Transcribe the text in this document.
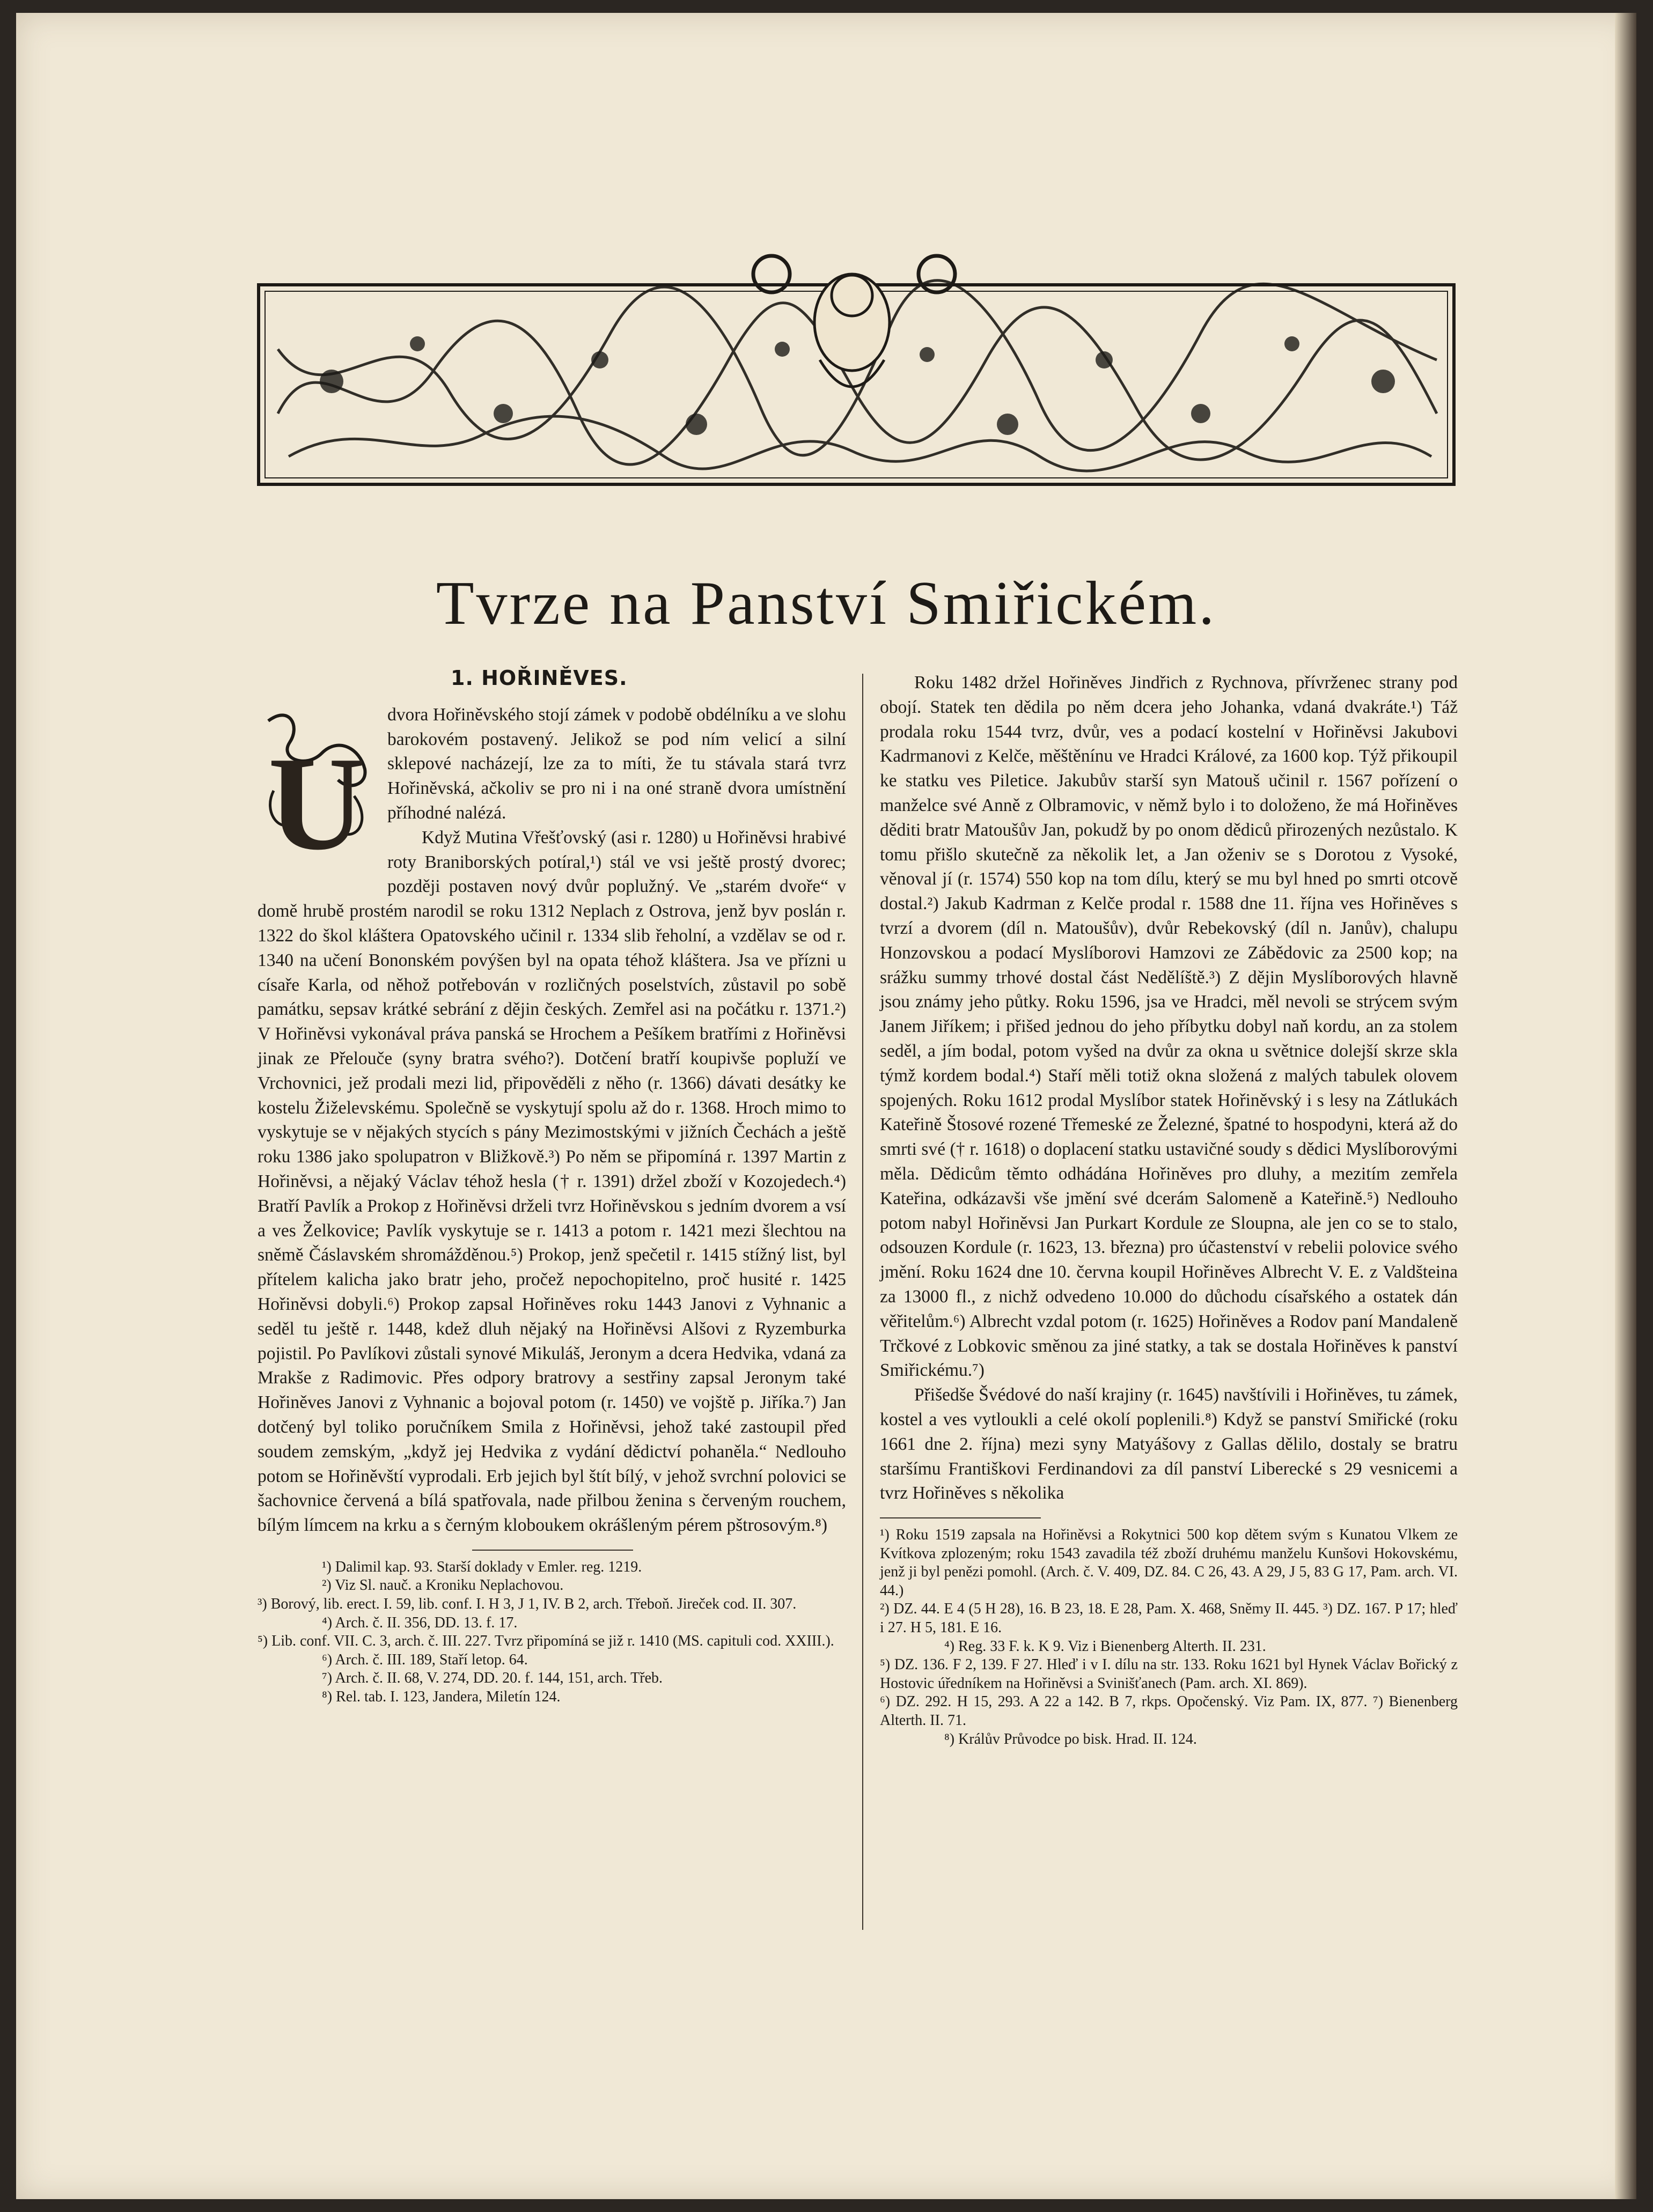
Tvrze na Panství Smiřickém.
1. HOŘINĚVES.
U

dvora Hořiněvského stojí zámek v podobě obdélníku a ve slohu barokovém postavený. Jelikož se pod ním velicí a silní sklepové nacházejí, lze za to míti, že tu stávala stará tvrz Hořiněvská, ačkoliv se pro ni i na oné straně dvora umístnění příhodné nalézá.

Když Mutina Vřešťovský (asi r. 1280) u Hořiněvsi hrabivé roty Braniborských potíral,¹) stál ve vsi ještě prostý dvorec; později postaven nový dvůr poplužný. Ve „starém dvoře“ v domě hrubě prostém narodil se roku 1312 Neplach z Ostrova, jenž byv poslán r. 1322 do škol kláštera Opatovského učinil r. 1334 slib řeholní, a vzdělav se od r. 1340 na učení Bononském povýšen byl na opata téhož kláštera. Jsa ve přízni u císaře Karla, od něhož potřebován v rozličných poselstvích, zůstavil po sobě památku, sepsav krátké sebrání z dějin českých. Zemřel asi na počátku r. 1371.²) V Hořiněvsi vykonával práva panská se Hrochem a Pešíkem bratřími z Hořiněvsi jinak ze Přelouče (syny bratra svého?). Dotčení bratří koupivše popluží ve Vrchovnici, jež prodali mezi lid, připověděli z něho (r. 1366) dávati desátky ke kostelu Žiželevskému. Společně se vyskytují spolu až do r. 1368. Hroch mimo to vyskytuje se v nějakých stycích s pány Mezimostskými v jižních Čechách a ještě roku 1386 jako spolupatron v Bližkově.³) Po něm se připomíná r. 1397 Martin z Hořiněvsi, a nějaký Václav téhož hesla († r. 1391) držel zboží v Kozojedech.⁴) Bratří Pavlík a Prokop z Hořiněvsi drželi tvrz Hořiněvskou s jedním dvorem a vsí a ves Želkovice; Pavlík vyskytuje se r. 1413 a potom r. 1421 mezi šlechtou na sněmě Čáslavském shromážděnou.⁵) Prokop, jenž spečetil r. 1415 stížný list, byl přítelem kalicha jako bratr jeho, pročež nepochopitelno, proč husité r. 1425 Hořiněvsi dobyli.⁶) Prokop zapsal Hořiněves roku 1443 Janovi z Vyhnanic a seděl tu ještě r. 1448, kdež dluh nějaký na Hořiněvsi Alšovi z Ryzemburka pojistil. Po Pavlíkovi zůstali synové Mikuláš, Jeronym a dcera Hedvika, vdaná za Mrakše z Radimovic. Přes odpory bratrovy a sestřiny zapsal Jeronym také Hořiněves Janovi z Vyhnanic a bojoval potom (r. 1450) ve vojště p. Jiříka.⁷) Jan dotčený byl toliko poručníkem Smila z Hořiněvsi, jehož také zastoupil před soudem zemským, „když jej Hedvika z vydání dědictví pohaněla.“ Nedlouho potom se Hořiněvští vyprodali. Erb jejich byl štít bílý, v jehož svrchní polovici se šachovnice červená a bílá spatřovala, nade přilbou ženina s červeným rouchem, bílým límcem na krku a s černým kloboukem okrášleným pérem pštrosovým.⁸)

¹) Dalimil kap. 93. Starší doklady v Emler. reg. 1219.

²) Viz Sl. nauč. a Kroniku Neplachovou.

³) Borový, lib. erect. I. 59, lib. conf. I. H 3, J 1, IV. B 2, arch. Třeboň. Jireček cod. II. 307.

⁴) Arch. č. II. 356, DD. 13. f. 17.

⁵) Lib. conf. VII. C. 3, arch. č. III. 227. Tvrz připomíná se již r. 1410 (MS. capituli cod. XXIII.).

⁶) Arch. č. III. 189, Staří letop. 64.

⁷) Arch. č. II. 68, V. 274, DD. 20. f. 144, 151, arch. Třeb.

⁸) Rel. tab. I. 123, Jandera, Miletín 124.

Roku 1482 držel Hořiněves Jindřich z Rychnova, přívrženec strany pod obojí. Statek ten dědila po něm dcera jeho Johanka, vdaná dvakráte.¹) Táž prodala roku 1544 tvrz, dvůr, ves a podací kostelní v Hořiněvsi Jakubovi Kadrmanovi z Kelče, měštěnínu ve Hradci Králové, za 1600 kop. Týž přikoupil ke statku ves Piletice. Jakubův starší syn Matouš učinil r. 1567 pořízení o manželce své Anně z Olbramovic, v němž bylo i to doloženo, že má Hořiněves děditi bratr Matoušův Jan, pokudž by po onom dědiců přirozených nezůstalo. K tomu přišlo skutečně za několik let, a Jan oženiv se s Dorotou z Vysoké, věnoval jí (r. 1574) 550 kop na tom dílu, který se mu byl hned po smrti otcově dostal.²) Jakub Kadrman z Kelče prodal r. 1588 dne 11. října ves Hořiněves s tvrzí a dvorem (díl n. Matoušův), dvůr Rebekovský (díl n. Janův), chalupu Honzovskou a podací Myslíborovi Hamzovi ze Zábědovic za 2500 kop; na srážku summy trhové dostal část Nedělíště.³) Z dějin Myslíborových hlavně jsou známy jeho půtky. Roku 1596, jsa ve Hradci, měl nevoli se strýcem svým Janem Jiříkem; i přišed jednou do jeho příbytku dobyl naň kordu, an za stolem seděl, a jím bodal, potom vyšed na dvůr za okna u světnice dolejší skrze skla týmž kordem bodal.⁴) Staří měli totiž okna složená z malých tabulek olovem spojených. Roku 1612 prodal Myslíbor statek Hořiněvský i s lesy na Zátlukách Kateřině Štosové rozené Třemeské ze Železné, špatné to hospodyni, která až do smrti své († r. 1618) o doplacení statku ustavičné soudy s dědici Myslíborovými měla. Dědicům těmto odhádána Hořiněves pro dluhy, a mezitím zemřela Kateřina, odkázavši vše jmění své dcerám Salomeně a Kateřině.⁵) Nedlouho potom nabyl Hořiněvsi Jan Purkart Kordule ze Sloupna, ale jen co se to stalo, odsouzen Kordule (r. 1623, 13. března) pro účastenství v rebelii polovice svého jmění. Roku 1624 dne 10. června koupil Hořiněves Albrecht V. E. z Valdšteina za 13000 fl., z nichž odvedeno 10.000 do důchodu císařského a ostatek dán věřitelům.⁶) Albrecht vzdal potom (r. 1625) Hořiněves a Rodov paní Mandaleně Trčkové z Lobkovic směnou za jiné statky, a tak se dostala Hořiněves k panství Smiřickému.⁷)

Přišedše Švédové do naší krajiny (r. 1645) navštívili i Hořiněves, tu zámek, kostel a ves vytloukli a celé okolí poplenili.⁸) Když se panství Smiřické (roku 1661 dne 2. října) mezi syny Matyášovy z Gallas dělilo, dostaly se bratru staršímu Františkovi Ferdinandovi za díl panství Liberecké s 29 vesnicemi a tvrz Hořiněves s několika

¹) Roku 1519 zapsala na Hořiněvsi a Rokytnici 500 kop dětem svým s Kunatou Vlkem ze Kvítkova zplozeným; roku 1543 zavadila též zboží druhému manželu Kunšovi Hokovskému, jenž ji byl penězi pomohl. (Arch. č. V. 409, DZ. 84. C 26, 43. A 29, J 5, 83 G 17, Pam. arch. VI. 44.)

²) DZ. 44. E 4 (5 H 28), 16. B 23, 18. E 28, Pam. X. 468, Sněmy II. 445. ³) DZ. 167. P 17; hleď i 27. H 5, 181. E 16.

⁴) Reg. 33 F. k. K 9. Viz i Bienenberg Alterth. II. 231.

⁵) DZ. 136. F 2, 139. F 27. Hleď i v I. dílu na str. 133. Roku 1621 byl Hynek Václav Bořický z Hostovic úředníkem na Hořiněvsi a Svinišťanech (Pam. arch. XI. 869).

⁶) DZ. 292. H 15, 293. A 22 a 142. B 7, rkps. Opočenský. Viz Pam. IX, 877. ⁷) Bienenberg Alterth. II. 71.

⁸) Králův Průvodce po bisk. Hrad. II. 124.
